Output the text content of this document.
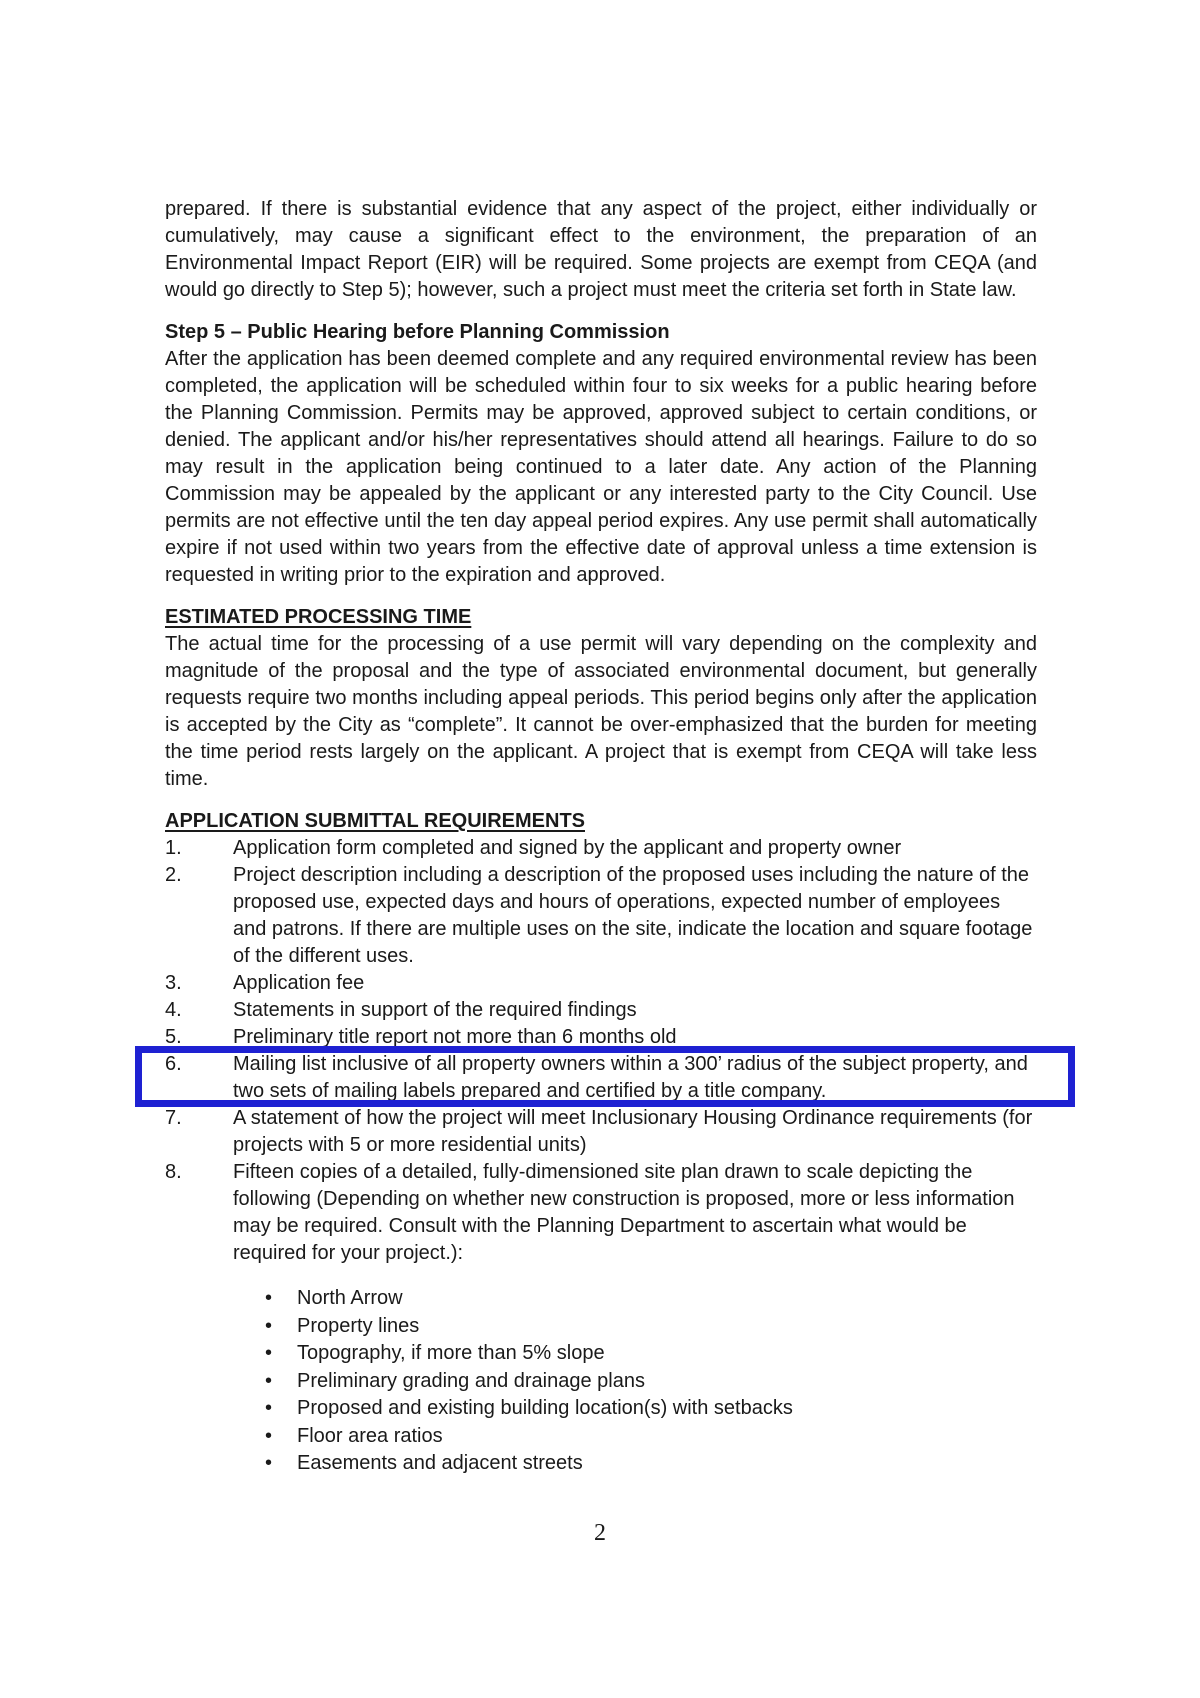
prepared. If there is substantial evidence that any aspect of the project, either individually or cumulatively, may cause a significant effect to the environment, the preparation of an Environmental Impact Report (EIR) will be required. Some projects are exempt from CEQA (and would go directly to Step 5); however, such a project must meet the criteria set forth in State law.

Step 5 – Public Hearing before Planning Commission

After the application has been deemed complete and any required environmental review has been completed, the application will be scheduled within four to six weeks for a public hearing before the Planning Commission. Permits may be approved, approved subject to certain conditions, or denied. The applicant and/or his/her representatives should attend all hearings. Failure to do so may result in the application being continued to a later date. Any action of the Planning Commission may be appealed by the applicant or any interested party to the City Council. Use permits are not effective until the ten day appeal period expires. Any use permit shall automatically expire if not used within two years from the effective date of approval unless a time extension is requested in writing prior to the expiration and approved.

ESTIMATED PROCESSING TIME

The actual time for the processing of a use permit will vary depending on the complexity and magnitude of the proposal and the type of associated environmental document, but generally requests require two months including appeal periods. This period begins only after the application is accepted by the City as “complete”. It cannot be over-emphasized that the burden for meeting the time period rests largely on the applicant. A project that is exempt from CEQA will take less time.

APPLICATION SUBMITTAL REQUIREMENTS
1.	Application form completed and signed by the applicant and property owner
2.	Project description including a description of the proposed uses including the nature of the proposed use, expected days and hours of operations, expected number of employees and patrons. If there are multiple uses on the site, indicate the location and square footage of the different uses.
3.	Application fee
4.	Statements in support of the required findings
5.	Preliminary title report not more than 6 months old
6.	Mailing list inclusive of all property owners within a 300’ radius of the subject property, and two sets of mailing labels prepared and certified by a title company.
7.	A statement of how the project will meet Inclusionary Housing Ordinance requirements (for projects with 5 or more residential units)
8.	Fifteen copies of a detailed, fully-dimensioned site plan drawn to scale depicting the following (Depending on whether new construction is proposed, more or less information may be required. Consult with the Planning Department to ascertain what would be required for your project.):
•
North Arrow
•
Property lines
•
Topography, if more than 5% slope
•
Preliminary grading and drainage plans
•
Proposed and existing building location(s) with setbacks
•
Floor area ratios
•
Easements and adjacent streets
2
